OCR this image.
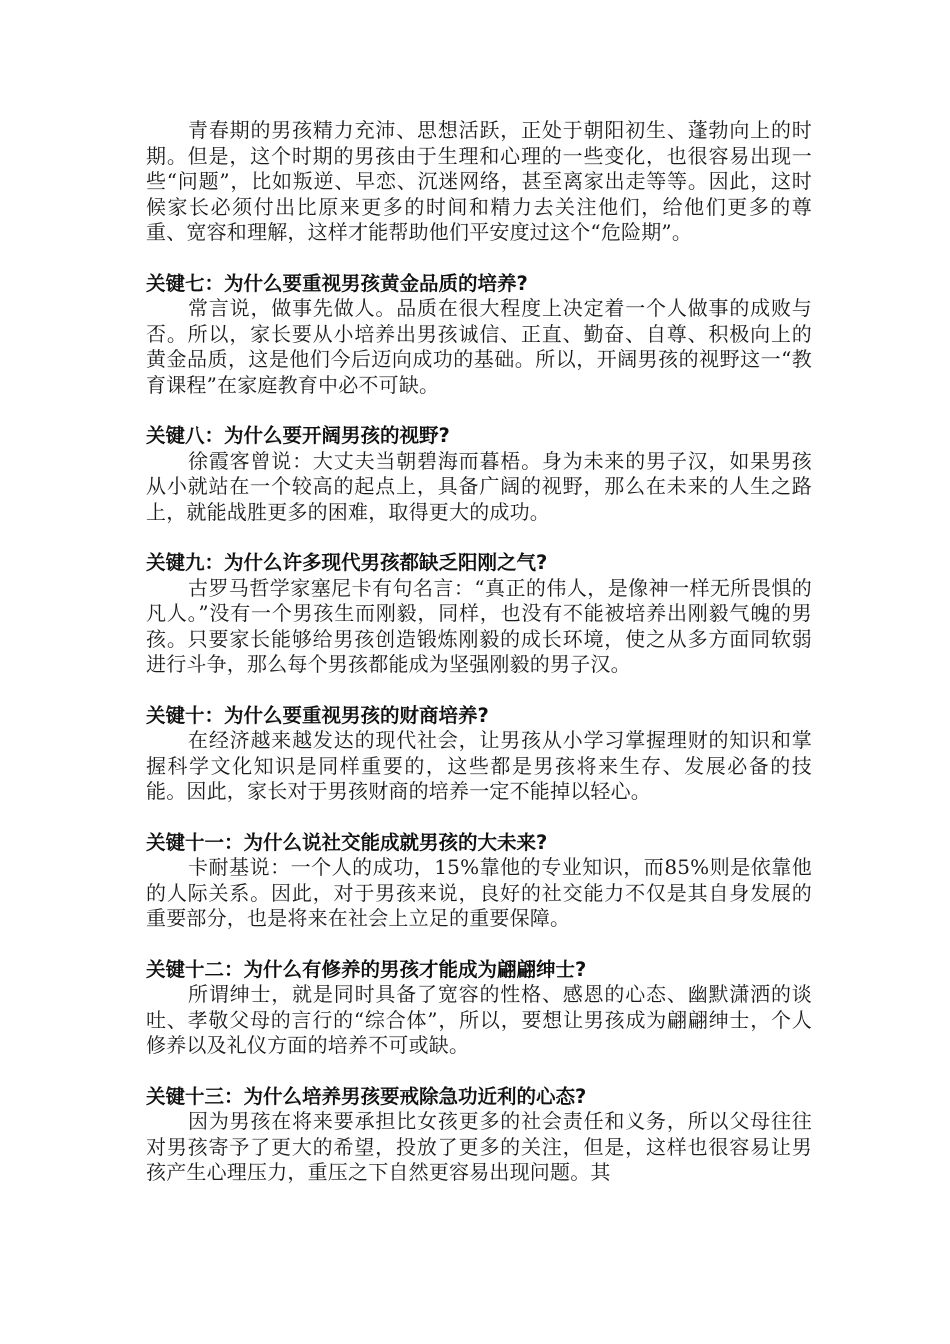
青春期的男孩精力充沛、思想活跃，正处于朝阳初生、蓬勃向上的时期。但是，这个时期的男孩由于生理和心理的一些变化，也很容易出现一些“问题”，比如叛逆、早恋、沉迷网络，甚至离家出走等等。因此，这时候家长必须付出比原来更多的时间和精力去关注他们，给他们更多的尊重、宽容和理解，这样才能帮助他们平安度过这个“危险期”。

关键七：为什么要重视男孩黄金品质的培养?

常言说，做事先做人。品质在很大程度上决定着一个人做事的成败与否。所以，家长要从小培养出男孩诚信、正直、勤奋、自尊、积极向上的黄金品质，这是他们今后迈向成功的基础。所以，开阔男孩的视野这一“教育课程”在家庭教育中必不可缺。

关键八：为什么要开阔男孩的视野?

徐霞客曾说：大丈夫当朝碧海而暮梧。身为未来的男子汉，如果男孩从小就站在一个较高的起点上，具备广阔的视野，那么在未来的人生之路上，就能战胜更多的困难，取得更大的成功。

关键九：为什么许多现代男孩都缺乏阳刚之气?

古罗马哲学家塞尼卡有句名言：“真正的伟人，是像神一样无所畏惧的凡人。”没有一个男孩生而刚毅，同样，也没有不能被培养出刚毅气魄的男孩。只要家长能够给男孩创造锻炼刚毅的成长环境，使之从多方面同软弱进行斗争，那么每个男孩都能成为坚强刚毅的男子汉。

关键十：为什么要重视男孩的财商培养?

在经济越来越发达的现代社会，让男孩从小学习掌握理财的知识和掌握科学文化知识是同样重要的，这些都是男孩将来生存、发展必备的技能。因此，家长对于男孩财商的培养一定不能掉以轻心。

关键十一：为什么说社交能成就男孩的大未来?

卡耐基说：一个人的成功，15%靠他的专业知识，而85%则是依靠他的人际关系。因此，对于男孩来说，良好的社交能力不仅是其自身发展的重要部分，也是将来在社会上立足的重要保障。

关键十二：为什么有修养的男孩才能成为翩翩绅士?

所谓绅士，就是同时具备了宽容的性格、感恩的心态、幽默潇洒的谈吐、孝敬父母的言行的“综合体”，所以，要想让男孩成为翩翩绅士，个人修养以及礼仪方面的培养不可或缺。

关键十三：为什么培养男孩要戒除急功近利的心态?

因为男孩在将来要承担比女孩更多的社会责任和义务，所以父母往往对男孩寄予了更大的希望，投放了更多的关注，但是，这样也很容易让男孩产生心理压力，重压之下自然更容易出现问题。其
